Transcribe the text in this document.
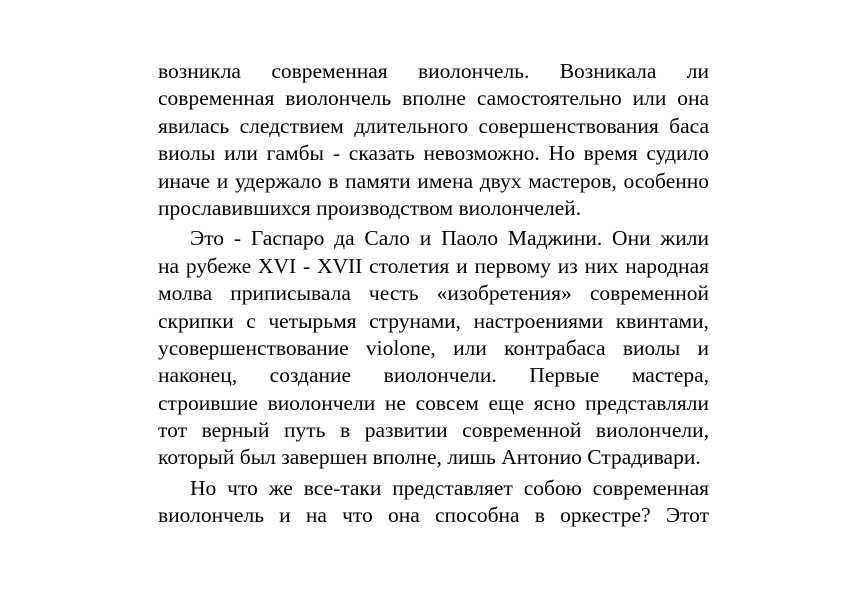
возникла современная виолончель. Возникала ли
современная виолончель вполне самостоятельно или она
явилась следствием длительного совершенствования баса
виолы или гамбы - сказать невозможно. Но время судило
иначе и удержало в памяти имена двух мастеров, особенно
прославившихся производством виолончелей.
Это - Гаспаро да Сало и Паоло Маджини. Они жили
на рубеже XVI - XVII столетия и первому из них народная
молва приписывала честь «изобретения» современной
скрипки с четырьмя струнами, настроениями квинтами,
усовершенствование violone, или контрабаса виолы и
наконец, создание виолончели. Первые мастера,
строившие виолончели не совсем еще ясно представляли
тот верный путь в развитии современной виолончели,
который был завершен вполне, лишь Антонио Страдивари.
Но что же все-таки представляет собою современная
виолончель и на что она способна в оркестре? Этот
